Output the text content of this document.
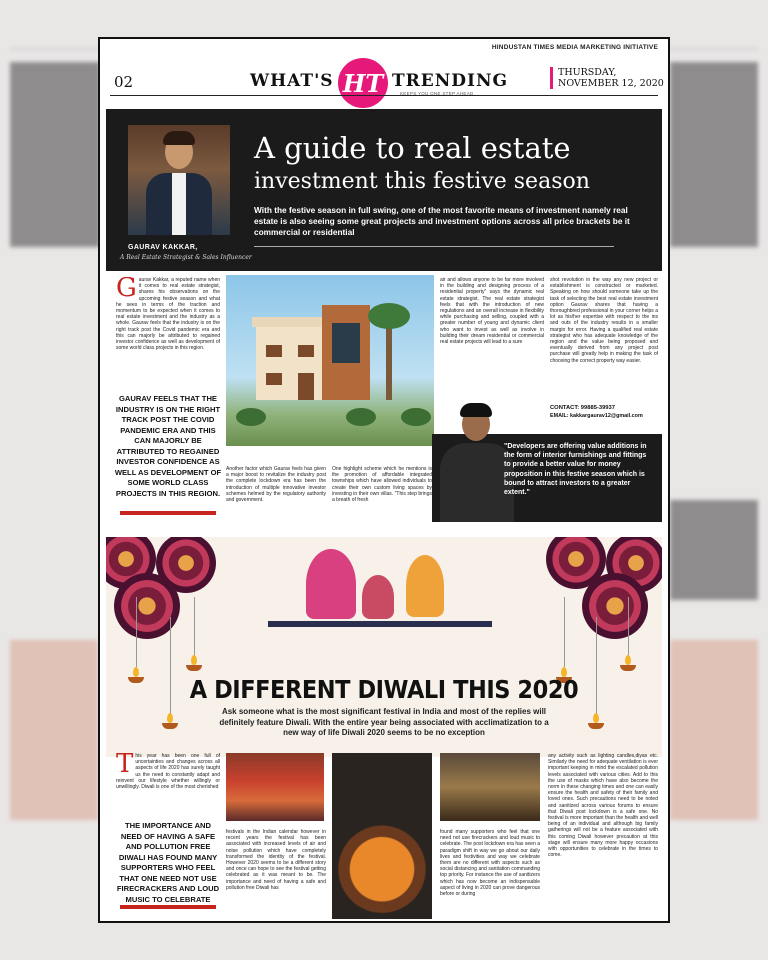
HINDUSTAN TIMES MEDIA MARKETING INITIATIVE
02	WHAT'S HT TRENDING
KEEPS YOU ONE STEP AHEAD
THURSDAY,
NOVEMBER 12, 2020
GAURAV KAKKAR,
A Real Estate Strategist & Sales Influencer
A guide to real estate
investment this festive season
With the festive season in full swing, one of the most favorite means of investment namely real estate is also seeing some great projects and investment options across all price brackets be it commercial or residential
Gaurav Kakkar, a reputed name when it comes to real estate strategist, shares his observations on the upcoming festive season and what he sees in terms of the traction and momentum to be expected when it comes to real estate investment and the industry as a whole. Gaurav feels that the industry is on the right track post the Covid pandemic era and this can majorly be attributed to regained investor confidence as well as development of some world class projects in this region.
GAURAV FEELS THAT THE INDUSTRY IS ON THE RIGHT TRACK POST THE COVID PANDEMIC ERA AND THIS CAN MAJORLY BE ATTRIBUTED TO REGAINED INVESTOR CONFIDENCE AS WELL AS DEVELOPMENT OF SOME WORLD CLASS PROJECTS IN THIS REGION.
Another factor which Gaurav feels has given a major boost to revitalize the industry post the complete lockdown era has been the introduction of multiple innovative investor schemes helmed by the regulatory authority and government.
One highlight scheme which he mentions is the promotion of affordable integrated townships which have allowed individuals to create their own custom living spaces by investing in their own villas. "This step brings a breath of fresh
air and allows anyone to be far more involved in the building and designing process of a residential property" says the dynamic real estate strategist. The real estate strategist feels that with the introduction of new regulations and an overall increase in flexibility while purchasing and selling, coupled with a greater number of young and dynamic client who want to invest as well as involve in building their dream residential or commercial real estate projects will lead to a sure
shot revolution in the way any new project or establishment is constructed or marketed. Speaking on how should someone take up the task of selecting the best real estate investment option Gaurav shares that having a thoroughbred professional in your corner helps a lot as his/her expertise with respect to the ins and outs of the industry results in a smaller margin for error. Having a qualified real estate strategist who has adequate knowledge of the region and the value being proposed and eventually derived from any project post purchase will greatly help in making the task of choosing the correct property way easier.
CONTACT: 99885-39937
EMAIL: kakkargaurav12@gmail.com
"Developers are offering value additions in the form of interior furnishings and fittings to provide a better value for money proposition in this festive season which is bound to attract investors to a greater extent."
A DIFFERENT DIWALI THIS 2020
Ask someone what is the most significant festival in India and most of the replies will definitely feature Diwali. With the entire year being associated with acclimatization to a new way of life Diwali 2020 seems to be no exception
This year has been one full of uncertainties and changes across all aspects of life 2020 has surely taught us the need to constantly adapt and reinvent our lifestyle whether willingly or unwillingly. Diwali is one of the most cherished
THE IMPORTANCE AND NEED OF HAVING A SAFE AND POLLUTION FREE DIWALI HAS FOUND MANY SUPPORTERS WHO FEEL THAT ONE NEED NOT USE FIRECRACKERS AND LOUD MUSIC TO CELEBRATE
festivals in the Indian calendar however in recent years the festival has been associated with increased levels of air and noise pollution which have completely transformed the identity of the festival. However 2020 seems to be a different story and once can hope to see the festival getting celebrated as it was meant to be. The importance and need of having a safe and pollution free Diwali has
found many supporters who feel that one need not use firecrackers and loud music to celebrate. The post lockdown era has seen a paradigm shift in way we go about our daily lives and festivities and way we celebrate them are no different with aspects such as social distancing and sanitation commanding top priority. For instance the use of sanitizers which has now become an indispensable aspect of living in 2020 can prove dangerous before or during
any activity such as lighting candles,diyas etc. Similarly the need for adequate ventilation is ever important keeping in mind the escalated pollution levels associated with various cities. Add to this the use of masks which have also become the norm in these changing times and one can easily ensure the health and safety of their family and loved ones. Such precautions need to be noted and sanitized across various forums to ensure that Diwali post lockdown is a safe one. No festival is more important than the health and well being of an individual and although big family gatherings will not be a feature associated with this coming Diwali however precaution at this stage will ensure many more happy occasions with opportunities to celebrate in the times to come.
